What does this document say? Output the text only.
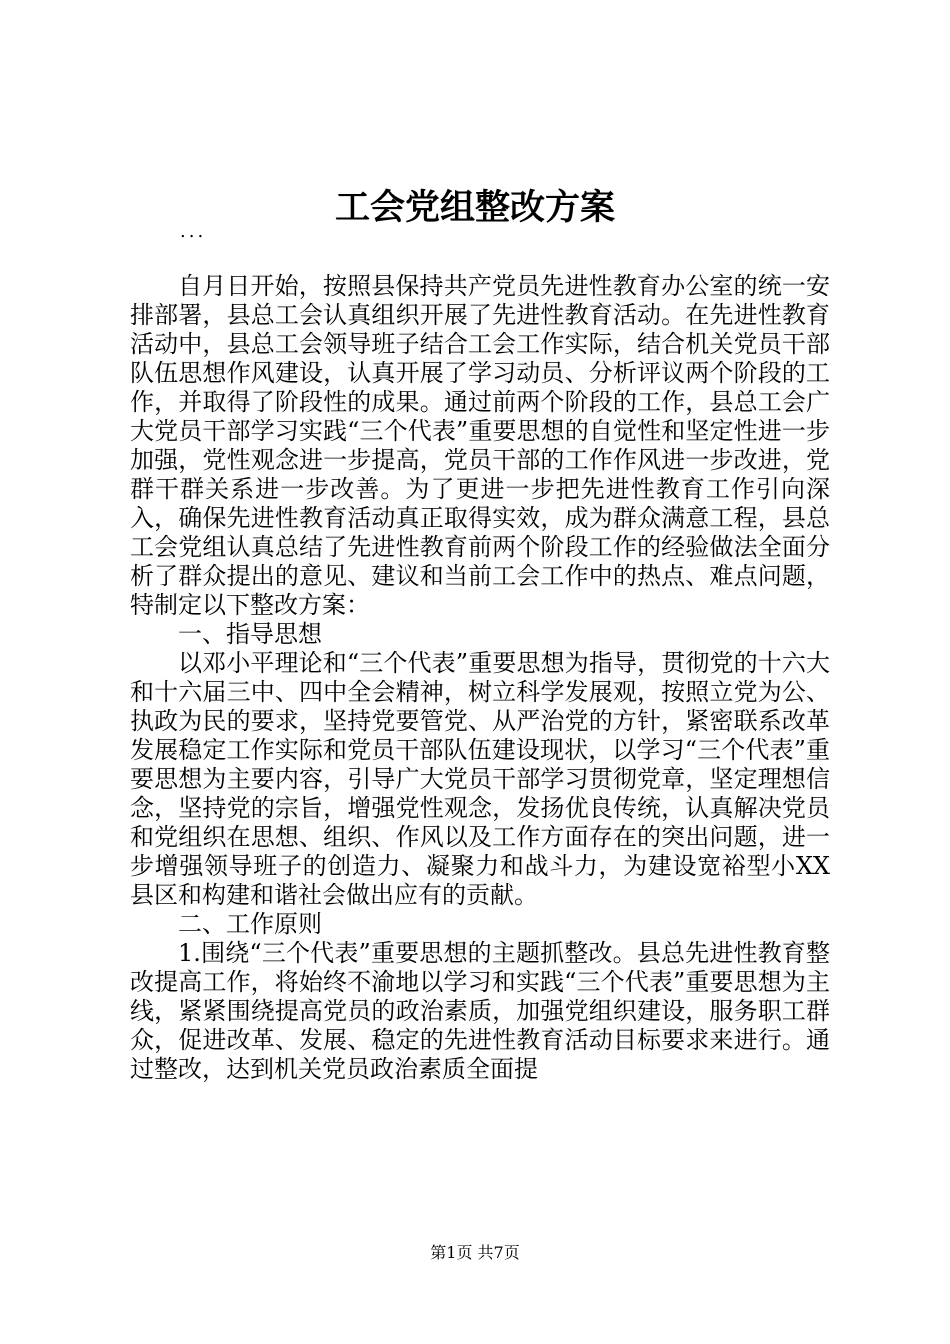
工会党组整改方案
...

自月日开始，按照县保持共产党员先进性教育办公室的统一安排部署，县总工会认真组织开展了先进性教育活动。在先进性教育活动中，县总工会领导班子结合工会工作实际，结合机关党员干部队伍思想作风建设，认真开展了学习动员、分析评议两个阶段的工作，并取得了阶段性的成果。通过前两个阶段的工作，县总工会广大党员干部学习实践“三个代表”重要思想的自觉性和坚定性进一步加强，党性观念进一步提高，党员干部的工作作风进一步改进，党群干群关系进一步改善。为了更进一步把先进性教育工作引向深入，确保先进性教育活动真正取得实效，成为群众满意工程，县总工会党组认真总结了先进性教育前两个阶段工作的经验做法全面分析了群众提出的意见、建议和当前工会工作中的热点、难点问题，特制定以下整改方案：

一、指导思想

以邓小平理论和“三个代表”重要思想为指导，贯彻党的十六大和十六届三中、四中全会精神，树立科学发展观，按照立党为公、执政为民的要求，坚持党要管党、从严治党的方针，紧密联系改革发展稳定工作实际和党员干部队伍建设现状，以学习“三个代表”重要思想为主要内容，引导广大党员干部学习贯彻党章，坚定理想信念，坚持党的宗旨，增强党性观念，发扬优良传统，认真解决党员和党组织在思想、组织、作风以及工作方面存在的突出问题，进一步增强领导班子的创造力、凝聚力和战斗力，为建设宽裕型小XX县区和构建和谐社会做出应有的贡献。

二、工作原则

1.围绕“三个代表”重要思想的主题抓整改。县总先进性教育整改提高工作，将始终不渝地以学习和实践“三个代表”重要思想为主线，紧紧围绕提高党员的政治素质，加强党组织建设，服务职工群众，促进改革、发展、稳定的先进性教育活动目标要求来进行。通过整改，达到机关党员政治素质全面提

第1页 共7页
